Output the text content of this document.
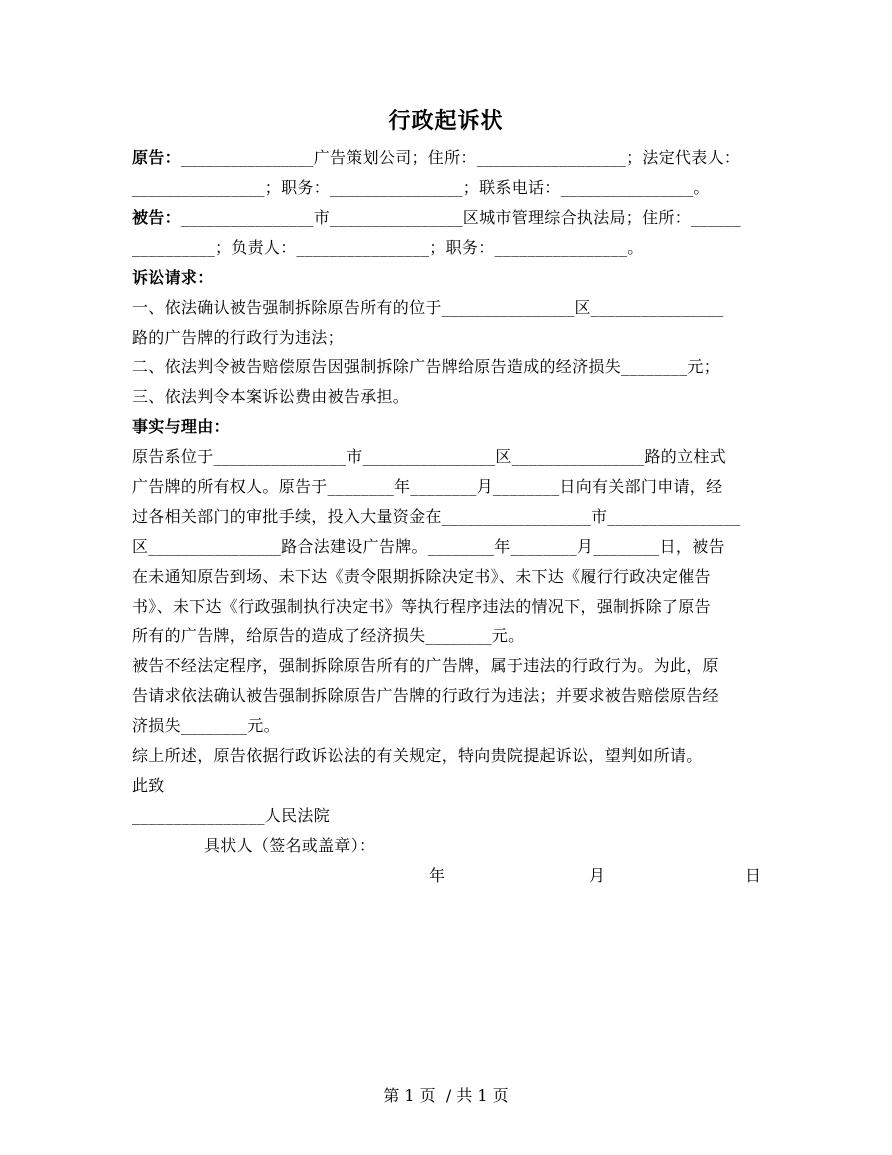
行政起诉状
原告：________________广告策划公司；住所：__________________；法定代表人：
________________；职务：________________；联系电话：________________。
被告：________________市________________区城市管理综合执法局；住所：______
__________；负责人：________________；职务：________________。
诉讼请求：
一、依法确认被告强制拆除原告所有的位于________________区________________
路的广告牌的行政行为违法；
二、依法判令被告赔偿原告因强制拆除广告牌给原告造成的经济损失________元；
三、依法判令本案诉讼费由被告承担。
事实与理由：
原告系位于________________市________________区________________路的立柱式
广告牌的所有权人。原告于________年________月________日向有关部门申请，经
过各相关部门的审批手续，投入大量资金在__________________市________________
区________________路合法建设广告牌。________年________月________日，被告
在未通知原告到场、未下达《责令限期拆除决定书》、未下达《履行行政决定催告
书》、未下达《行政强制执行决定书》等执行程序违法的情况下，强制拆除了原告
所有的广告牌，给原告的造成了经济损失________元。
被告不经法定程序，强制拆除原告所有的广告牌，属于违法的行政行为。为此，原
告请求依法确认被告强制拆除原告广告牌的行政行为违法；并要求被告赔偿原告经
济损失________元。
综上所述，原告依据行政诉讼法的有关规定，特向贵院提起诉讼，望判如所请。
此致
________________人民法院
具状人（签名或盖章）：
年	月	日
第 1 页  / 共 1 页
